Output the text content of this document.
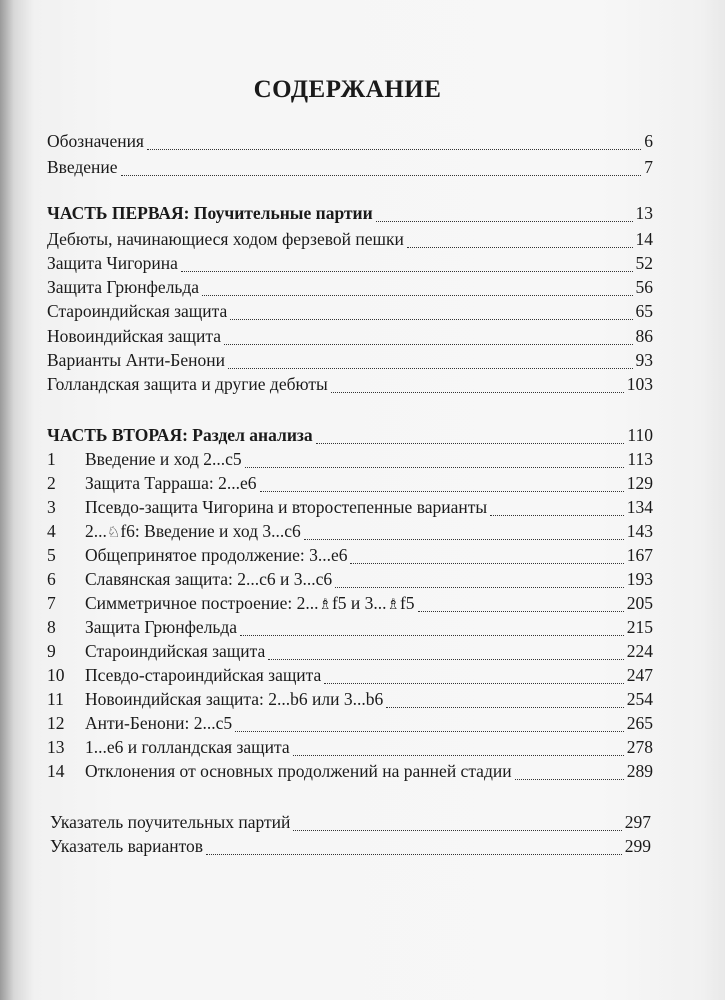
СОДЕРЖАНИЕ
Обозначения	6
Введение	7
ЧАСТЬ ПЕРВАЯ: Поучительные партии	13
Дебюты, начинающиеся ходом ферзевой пешки	14
Защита Чигорина	52
Защита Грюнфельда	56
Староиндийская защита	65
Новоиндийская защита	86
Варианты Анти-Бенони	93
Голландская защита и другие дебюты	103
ЧАСТЬ ВТОРАЯ: Раздел анализа	110
1	Введение и ход 2...c5	113
2	Защита Тарраша: 2...e6	129
3	Псевдо-защита Чигорина и второстепенные варианты	134
4	2...♘f6: Введение и ход 3...c6	143
5	Общепринятое продолжение: 3...e6	167
6	Славянская защита: 2...c6 и 3...c6	193
7	Симметричное построение: 2...♗f5 и 3...♗f5	205
8	Защита Грюнфельда	215
9	Староиндийская защита	224
10	Псевдо-староиндийская защита	247
11	Новоиндийская защита: 2...b6 или 3...b6	254
12	Анти-Бенони: 2...c5	265
13	1...e6 и голландская защита	278
14	Отклонения от основных продолжений на ранней стадии	289
Указатель поучительных партий	297
Указатель вариантов	299
